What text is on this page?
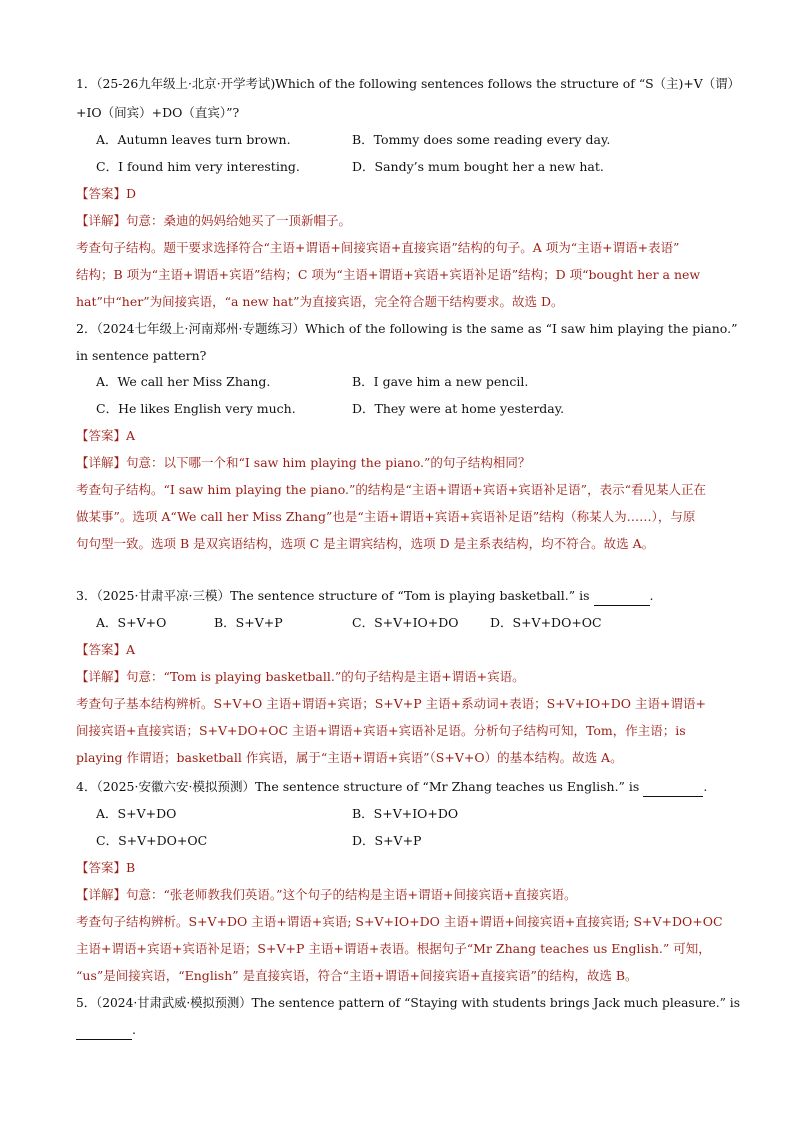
1．（25-26九年级上·北京·开学考试)Which of the following sentences follows the structure of “S（主)+V（谓）
+IO（间宾）+DO（直宾）”?
A．Autumn leaves turn brown.	B．Tommy does some reading every day.
C．I found him very interesting.	D．Sandy’s mum bought her a new hat.
【答案】D
【详解】句意：桑迪的妈妈给她买了一顶新帽子。
考查句子结构。题干要求选择符合“主语+谓语+间接宾语+直接宾语”结构的句子。A 项为“主语+谓语+表语”
结构；B 项为“主语+谓语+宾语”结构；C 项为“主语+谓语+宾语+宾语补足语”结构；D 项“bought her a new
hat”中“her”为间接宾语，“a new hat”为直接宾语，完全符合题干结构要求。故选 D。
2．（2024七年级上·河南郑州·专题练习）Which of the following is the same as “I saw him playing the piano.”
in sentence pattern?
A．We call her Miss Zhang.	B．I gave him a new pencil.
C．He likes English very much.	D．They were at home yesterday.
【答案】A
【详解】句意：以下哪一个和“I saw him playing the piano.”的句子结构相同？
考查句子结构。“I saw him playing the piano.”的结构是“主语+谓语+宾语+宾语补足语”，表示“看见某人正在
做某事”。选项 A“We call her Miss Zhang”也是“主语+谓语+宾语+宾语补足语”结构（称某人为……），与原
句句型一致。选项 B 是双宾语结构，选项 C 是主谓宾结构，选项 D 是主系表结构，均不符合。故选 A。
3．（2025·甘肃平凉·三模）The sentence structure of “Tom is playing basketball.” is	.
A．S+V+O	B．S+V+P	C．S+V+IO+DO	D．S+V+DO+OC
【答案】A
【详解】句意：“Tom is playing basketball.”的句子结构是主语+谓语+宾语。
考查句子基本结构辨析。S+V+O 主语+谓语+宾语；S+V+P 主语+系动词+表语；S+V+IO+DO 主语+谓语+
间接宾语+直接宾语；S+V+DO+OC 主语+谓语+宾语+宾语补足语。分析句子结构可知，Tom，作主语；is
playing 作谓语；basketball 作宾语，属于“主语+谓语+宾语”（S+V+O）的基本结构。故选 A。
4．（2025·安徽六安·模拟预测）The sentence structure of “Mr Zhang teaches us English.” is	.
A．S+V+DO	B．S+V+IO+DO
C．S+V+DO+OC	D．S+V+P
【答案】B
【详解】句意：“张老师教我们英语。”这个句子的结构是主语+谓语+间接宾语+直接宾语。
考查句子结构辨析。S+V+DO 主语+谓语+宾语; S+V+IO+DO 主语+谓语+间接宾语+直接宾语; S+V+DO+OC
主语+谓语+宾语+宾语补足语；S+V+P 主语+谓语+表语。根据句子“Mr Zhang teaches us English.” 可知，
“us”是间接宾语，“English” 是直接宾语，符合“主语+谓语+间接宾语+直接宾语”的结构，故选 B。
5．（2024·甘肃武威·模拟预测）The sentence pattern of “Staying with students brings Jack much pleasure.” is
.
